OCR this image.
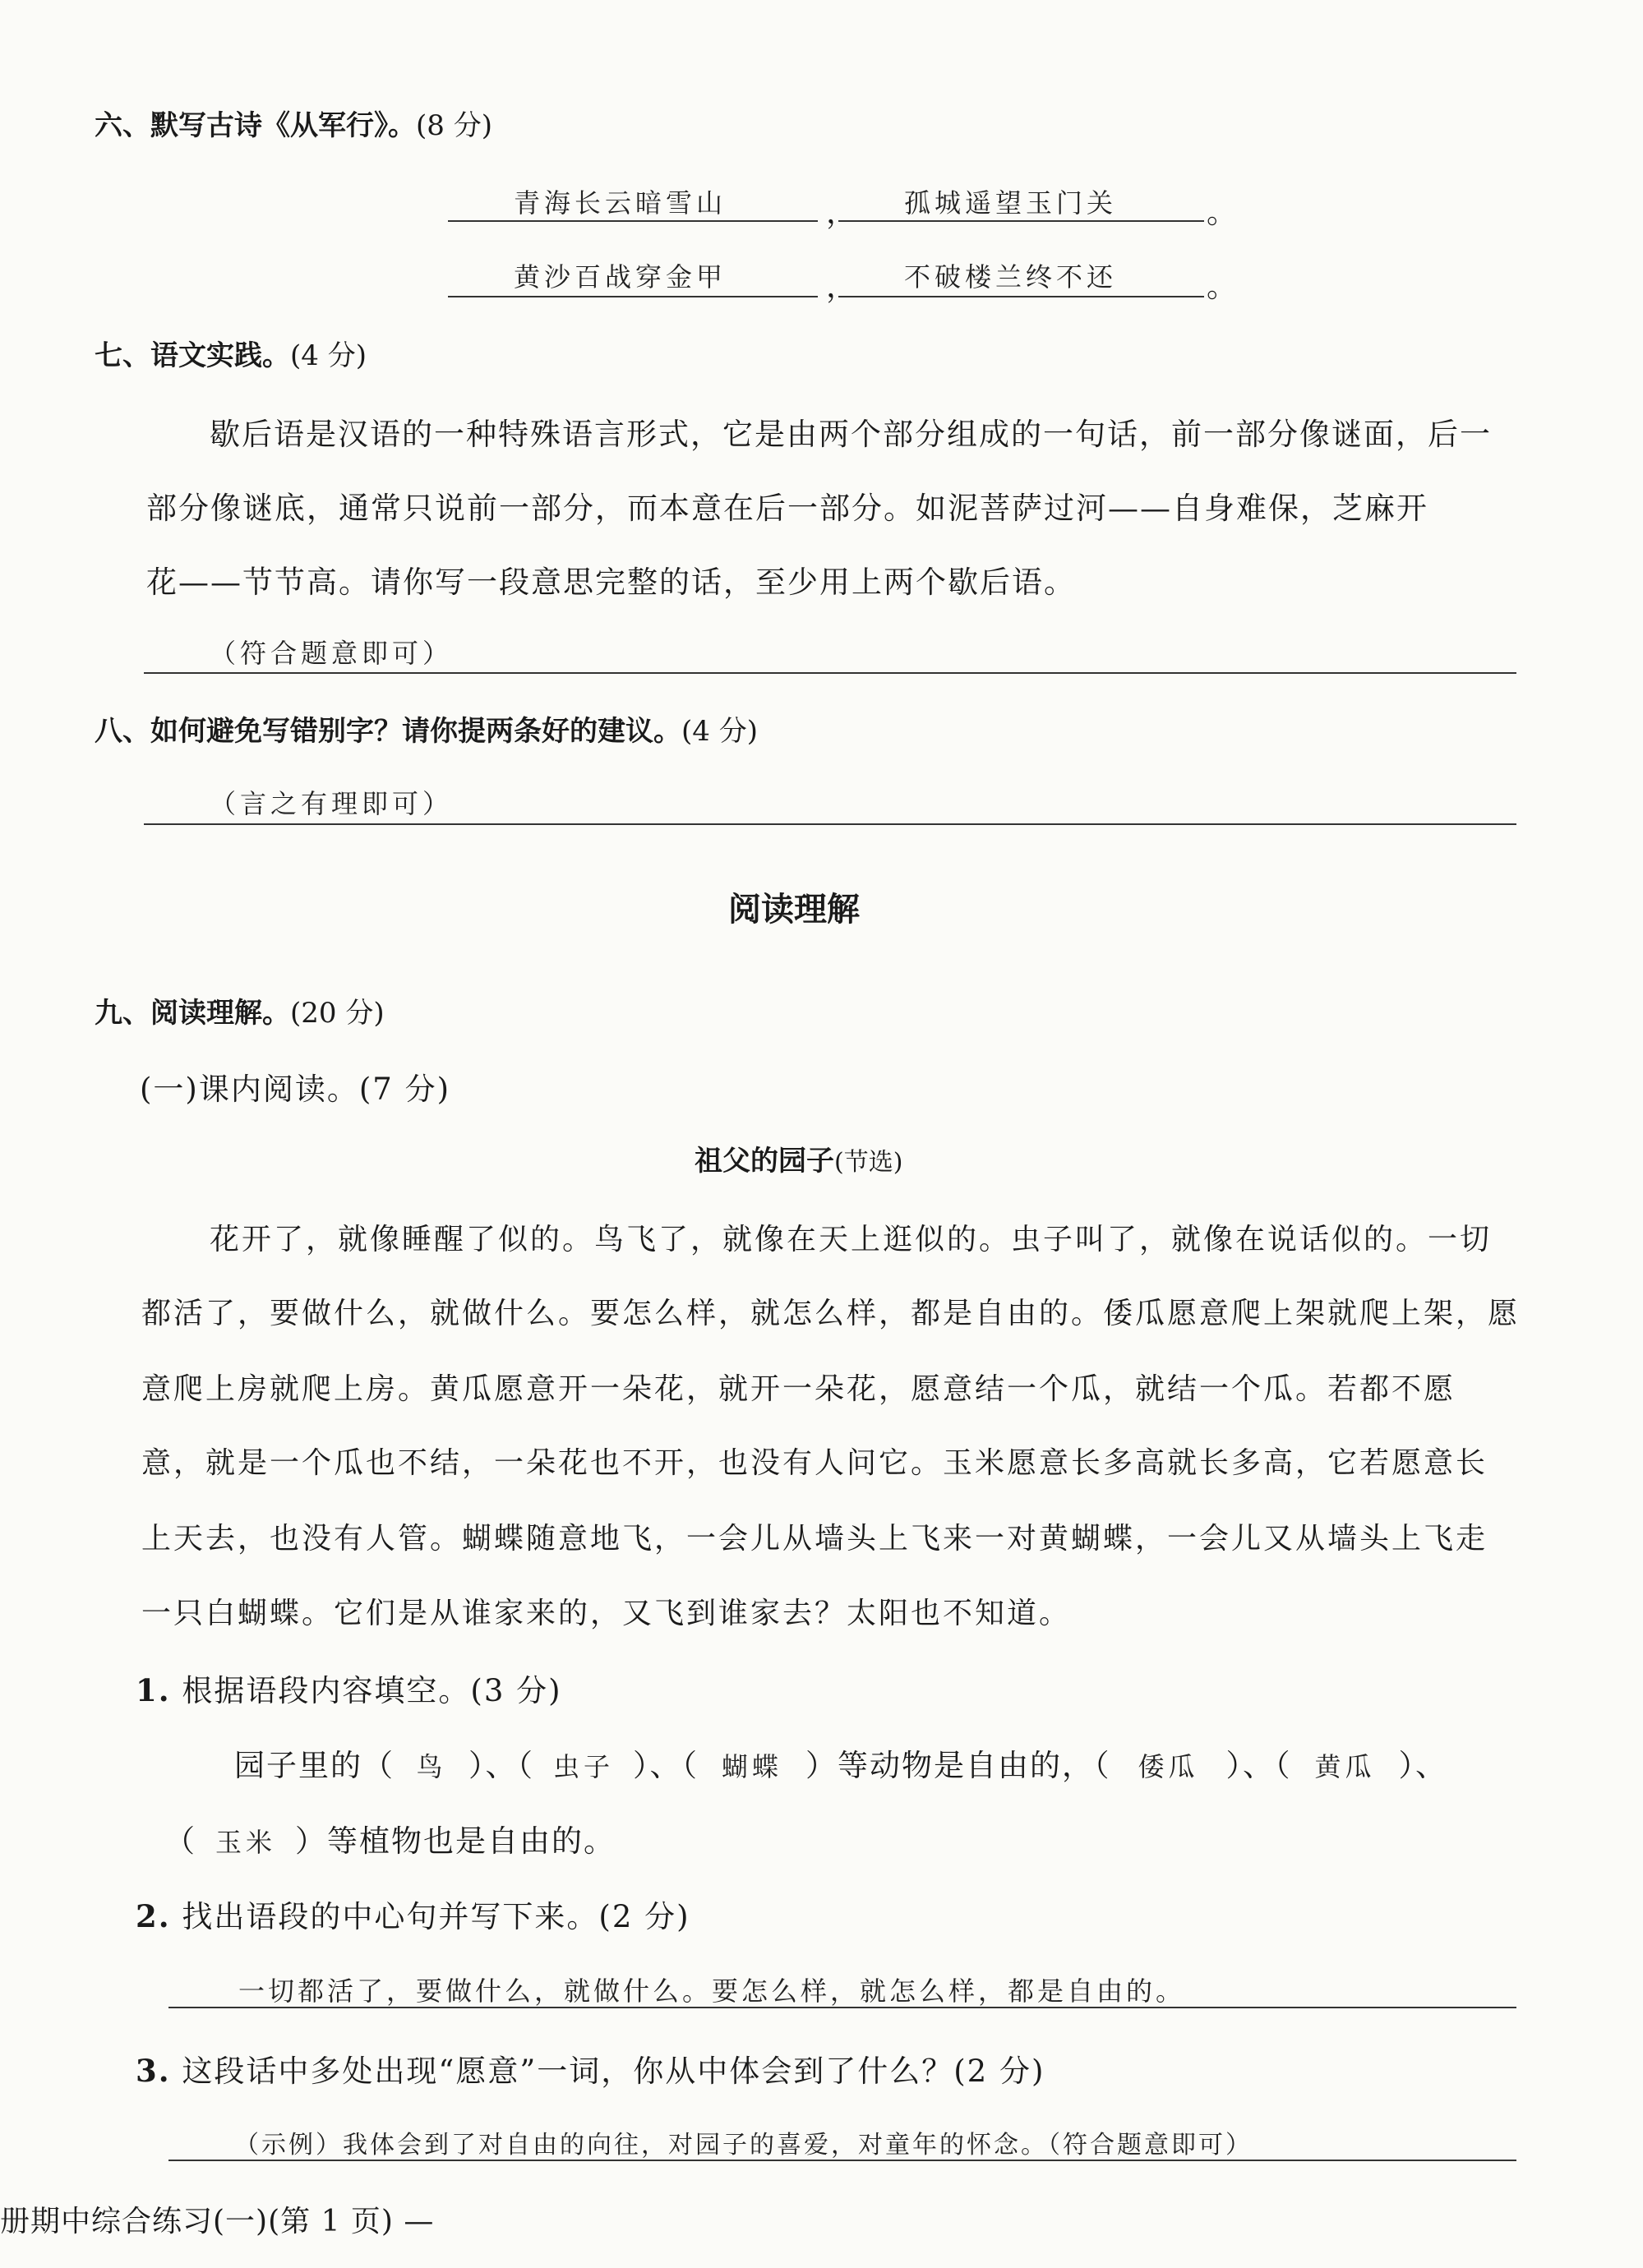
六、默写古诗《从军行》。(8 分)
青海长云暗雪山	， 孤城遥望玉门关	。
黄沙百战穿金甲	， 不破楼兰终不还	。
七、语文实践。(4 分)
歇后语是汉语的一种特殊语言形式，它是由两个部分组成的一句话，前一部分像谜面，后一
部分像谜底，通常只说前一部分，而本意在后一部分。如泥菩萨过河——自身难保，芝麻开
花——节节高。请你写一段意思完整的话，至少用上两个歇后语。
（符合题意即可）
八、如何避免写错别字？请你提两条好的建议。(4 分)
（言之有理即可）
阅读理解
九、阅读理解。(20 分)
(一)课内阅读。(7 分)
祖父的园子(节选)
花开了，就像睡醒了似的。鸟飞了，就像在天上逛似的。虫子叫了，就像在说话似的。一切
都活了，要做什么，就做什么。要怎么样，就怎么样，都是自由的。倭瓜愿意爬上架就爬上架，愿
意爬上房就爬上房。黄瓜愿意开一朵花，就开一朵花，愿意结一个瓜，就结一个瓜。若都不愿
意，就是一个瓜也不结，一朵花也不开，也没有人问它。玉米愿意长多高就长多高，它若愿意长
上天去，也没有人管。蝴蝶随意地飞，一会儿从墙头上飞来一对黄蝴蝶，一会儿又从墙头上飞走
一只白蝴蝶。它们是从谁家来的，又飞到谁家去？太阳也不知道。
1. 根据语段内容填空。(3 分)
园子里的（ 鸟 ）、（ 虫子 ）、（ 蝴蝶 ）等动物是自由的，（ 倭瓜 ）、（ 黄瓜 ）、
（ 玉米 ）等植物也是自由的。
2. 找出语段的中心句并写下来。(2 分)
一切都活了，要做什么，就做什么。要怎么样，就怎么样，都是自由的。
3. 这段话中多处出现“愿意”一词，你从中体会到了什么？(2 分)
（示例）我体会到了对自由的向往，对园子的喜爱，对童年的怀念。（符合题意即可）
册期中综合练习(一)(第 1 页) —
